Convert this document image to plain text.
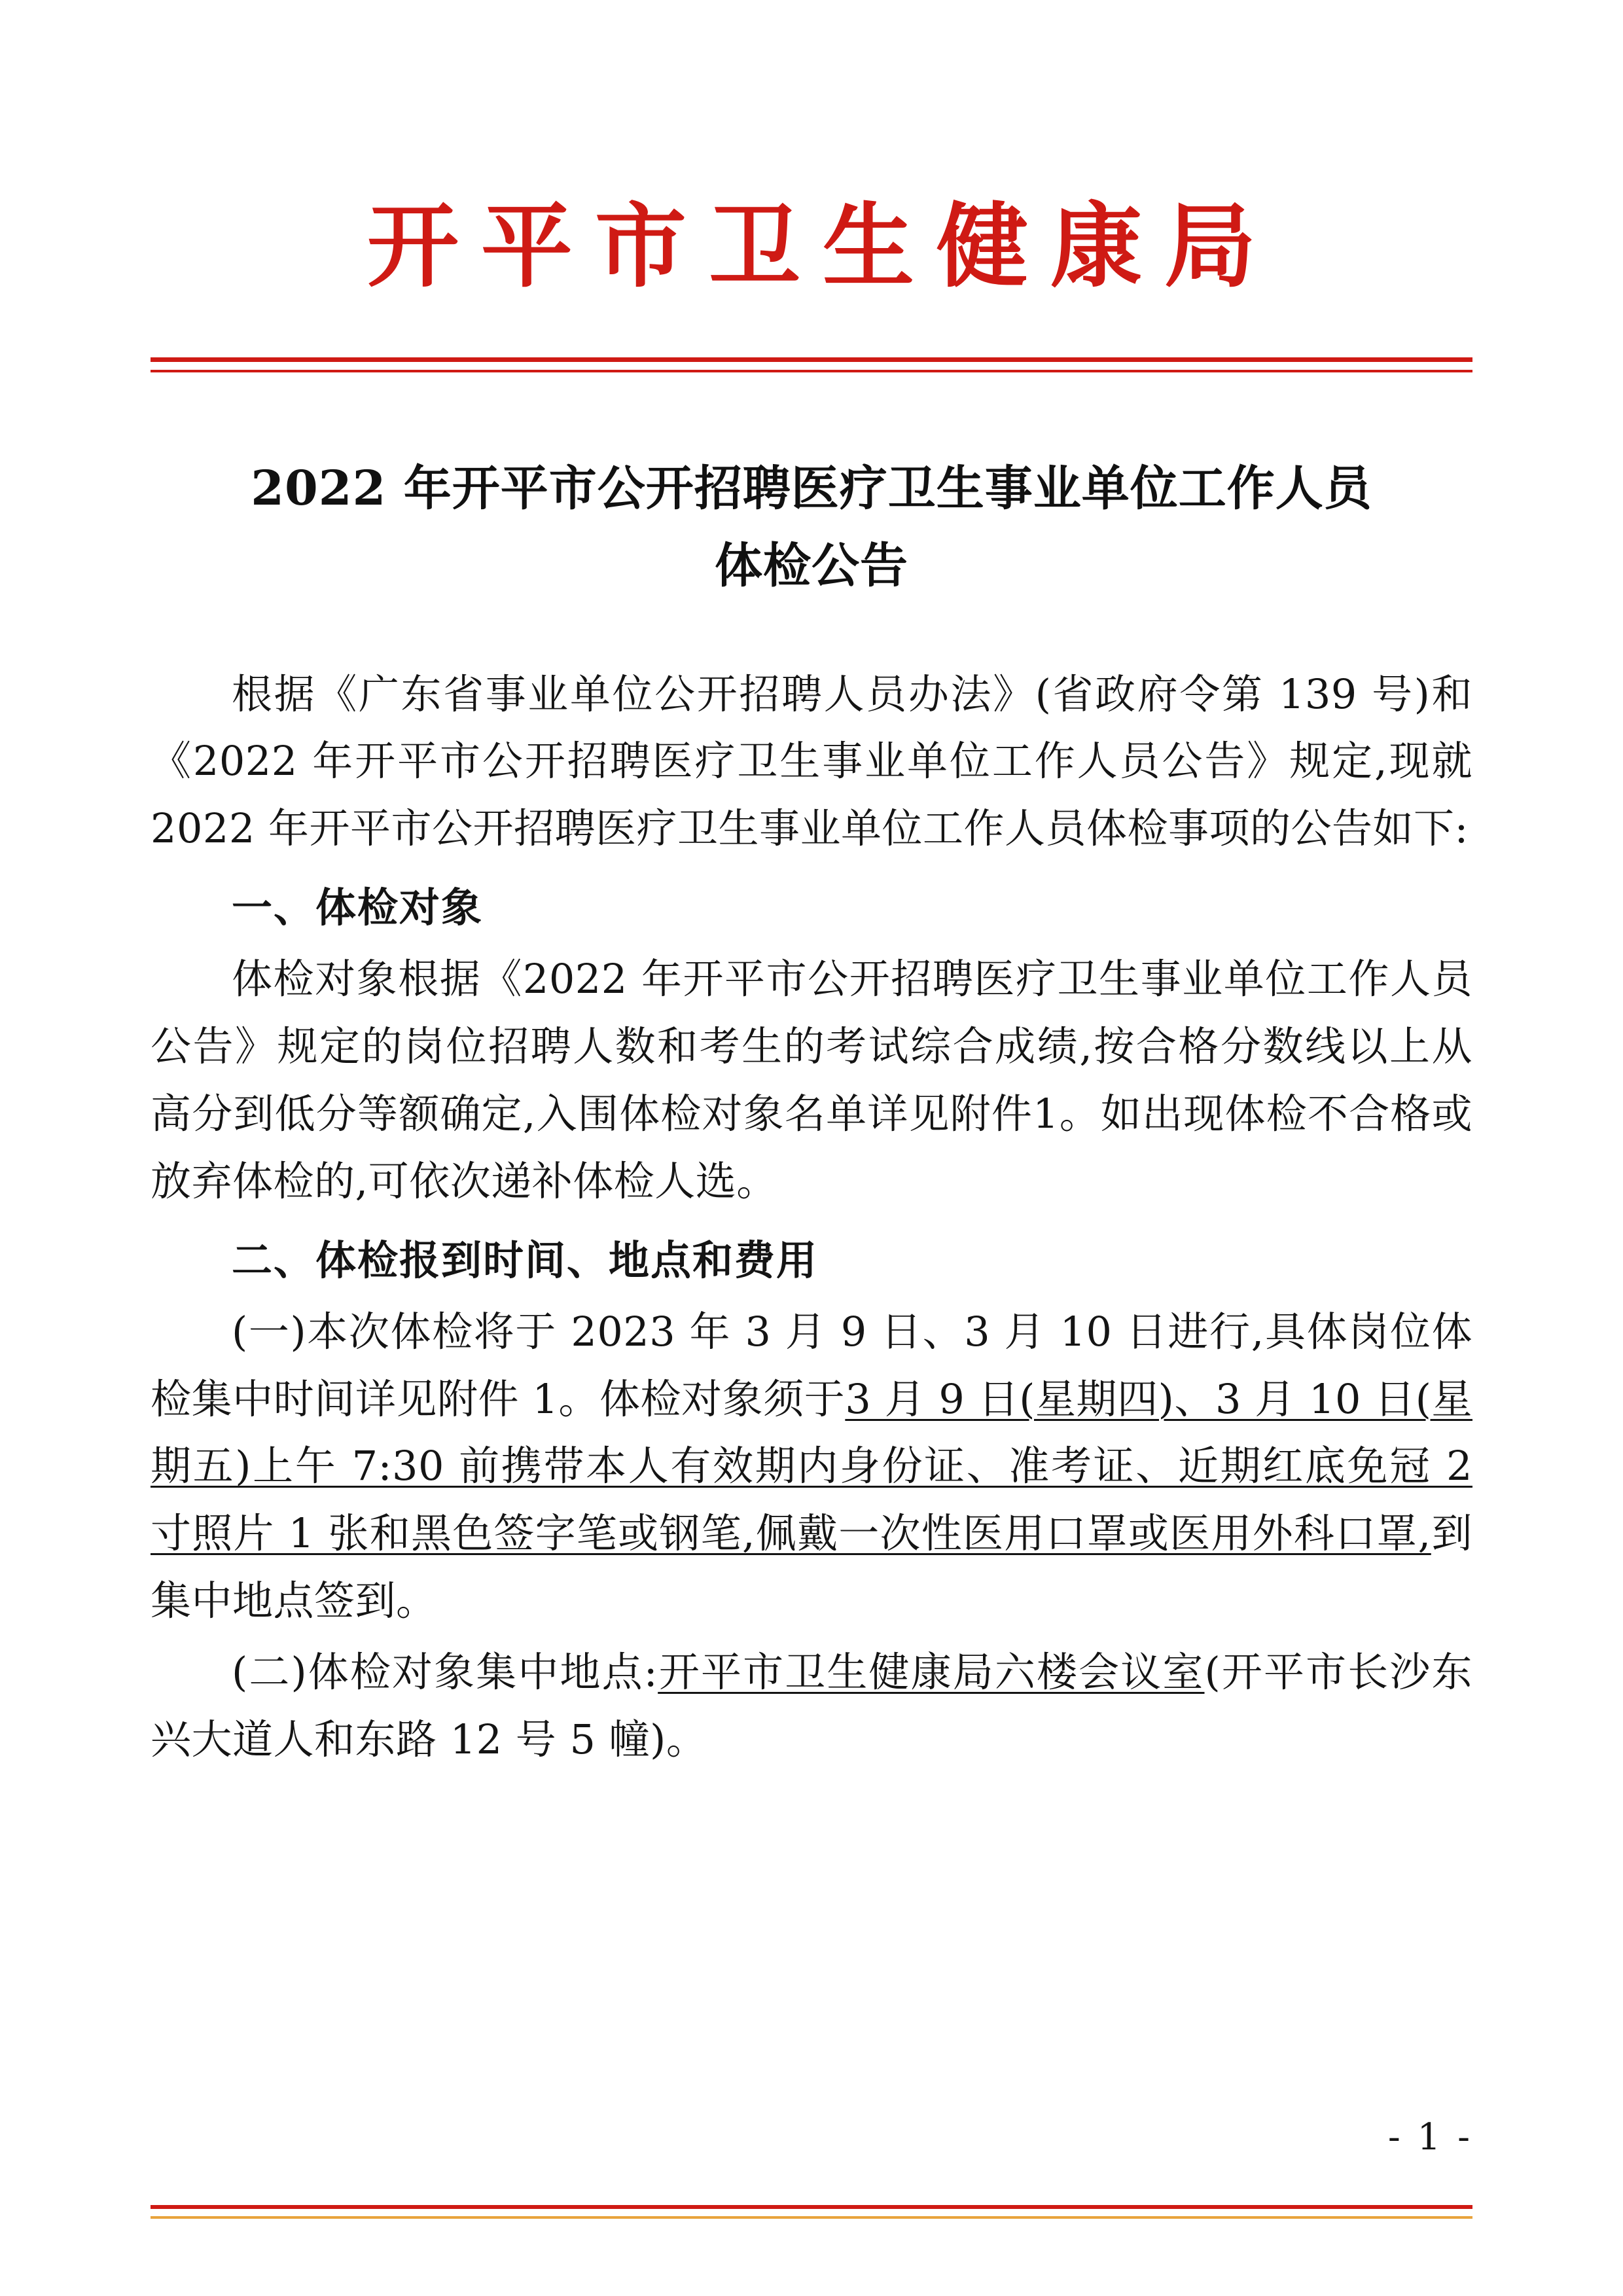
开平市卫生健康局
2022 年开平市公开招聘医疗卫生事业单位工作人员
体检公告

根据《广东省事业单位公开招聘人员办法》(省政府令第 139 号)和《2022 年开平市公开招聘医疗卫生事业单位工作人员公告》规定,现就 2022 年开平市公开招聘医疗卫生事业单位工作人员体检事项的公告如下:

一、体检对象

体检对象根据《2022 年开平市公开招聘医疗卫生事业单位工作人员公告》规定的岗位招聘人数和考生的考试综合成绩,按合格分数线以上从高分到低分等额确定,入围体检对象名单详见附件1。如出现体检不合格或放弃体检的,可依次递补体检人选。

二、体检报到时间、地点和费用

(一)本次体检将于 2023 年 3 月 9 日、3 月 10 日进行,具体岗位体检集中时间详见附件 1。体检对象须于3 月 9 日(星期四)、3 月 10 日(星期五)上午 7:30 前携带本人有效期内身份证、准考证、近期红底免冠 2 寸照片 1 张和黑色签字笔或钢笔,佩戴一次性医用口罩或医用外科口罩,到集中地点签到。

(二)体检对象集中地点:开平市卫生健康局六楼会议室(开平市长沙东兴大道人和东路 12 号 5 幢)。

- 1 -
